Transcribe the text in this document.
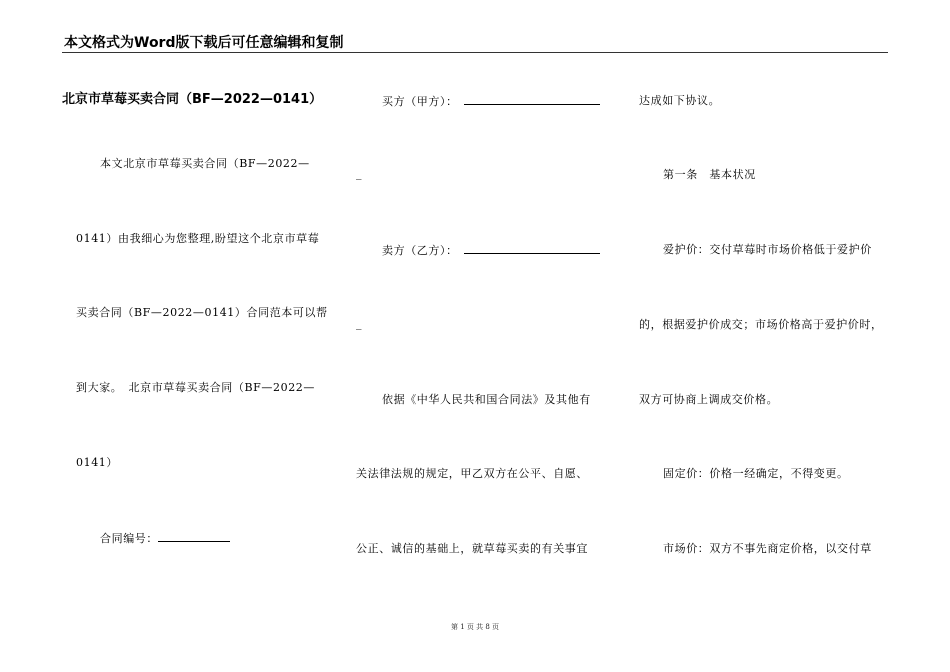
本文格式为Word版下载后可任意编辑和复制
北京市草莓买卖合同（BF—2022—0141）
本文北京市草莓买卖合同（BF—2022—
0141）由我细心为您整理,盼望这个北京市草莓
买卖合同（BF—2022—0141）合同范本可以帮
到大家。　北京市草莓买卖合同（BF—2022—
0141）
合同编号：
买方（甲方）：
_
卖方（乙方）：
_
依据《中华人民共和国合同法》及其他有
关法律法规的规定，甲乙双方在公平、自愿、
公正、诚信的基础上，就草莓买卖的有关事宜
达成如下协议。
第一条　基本状况
爱护价：交付草莓时市场价格低于爱护价
的，根据爱护价成交；市场价格高于爱护价时，
双方可协商上调成交价格。
固定价：价格一经确定，不得变更。
市场价：双方不事先商定价格，以交付草
第 1 页 共 8 页
